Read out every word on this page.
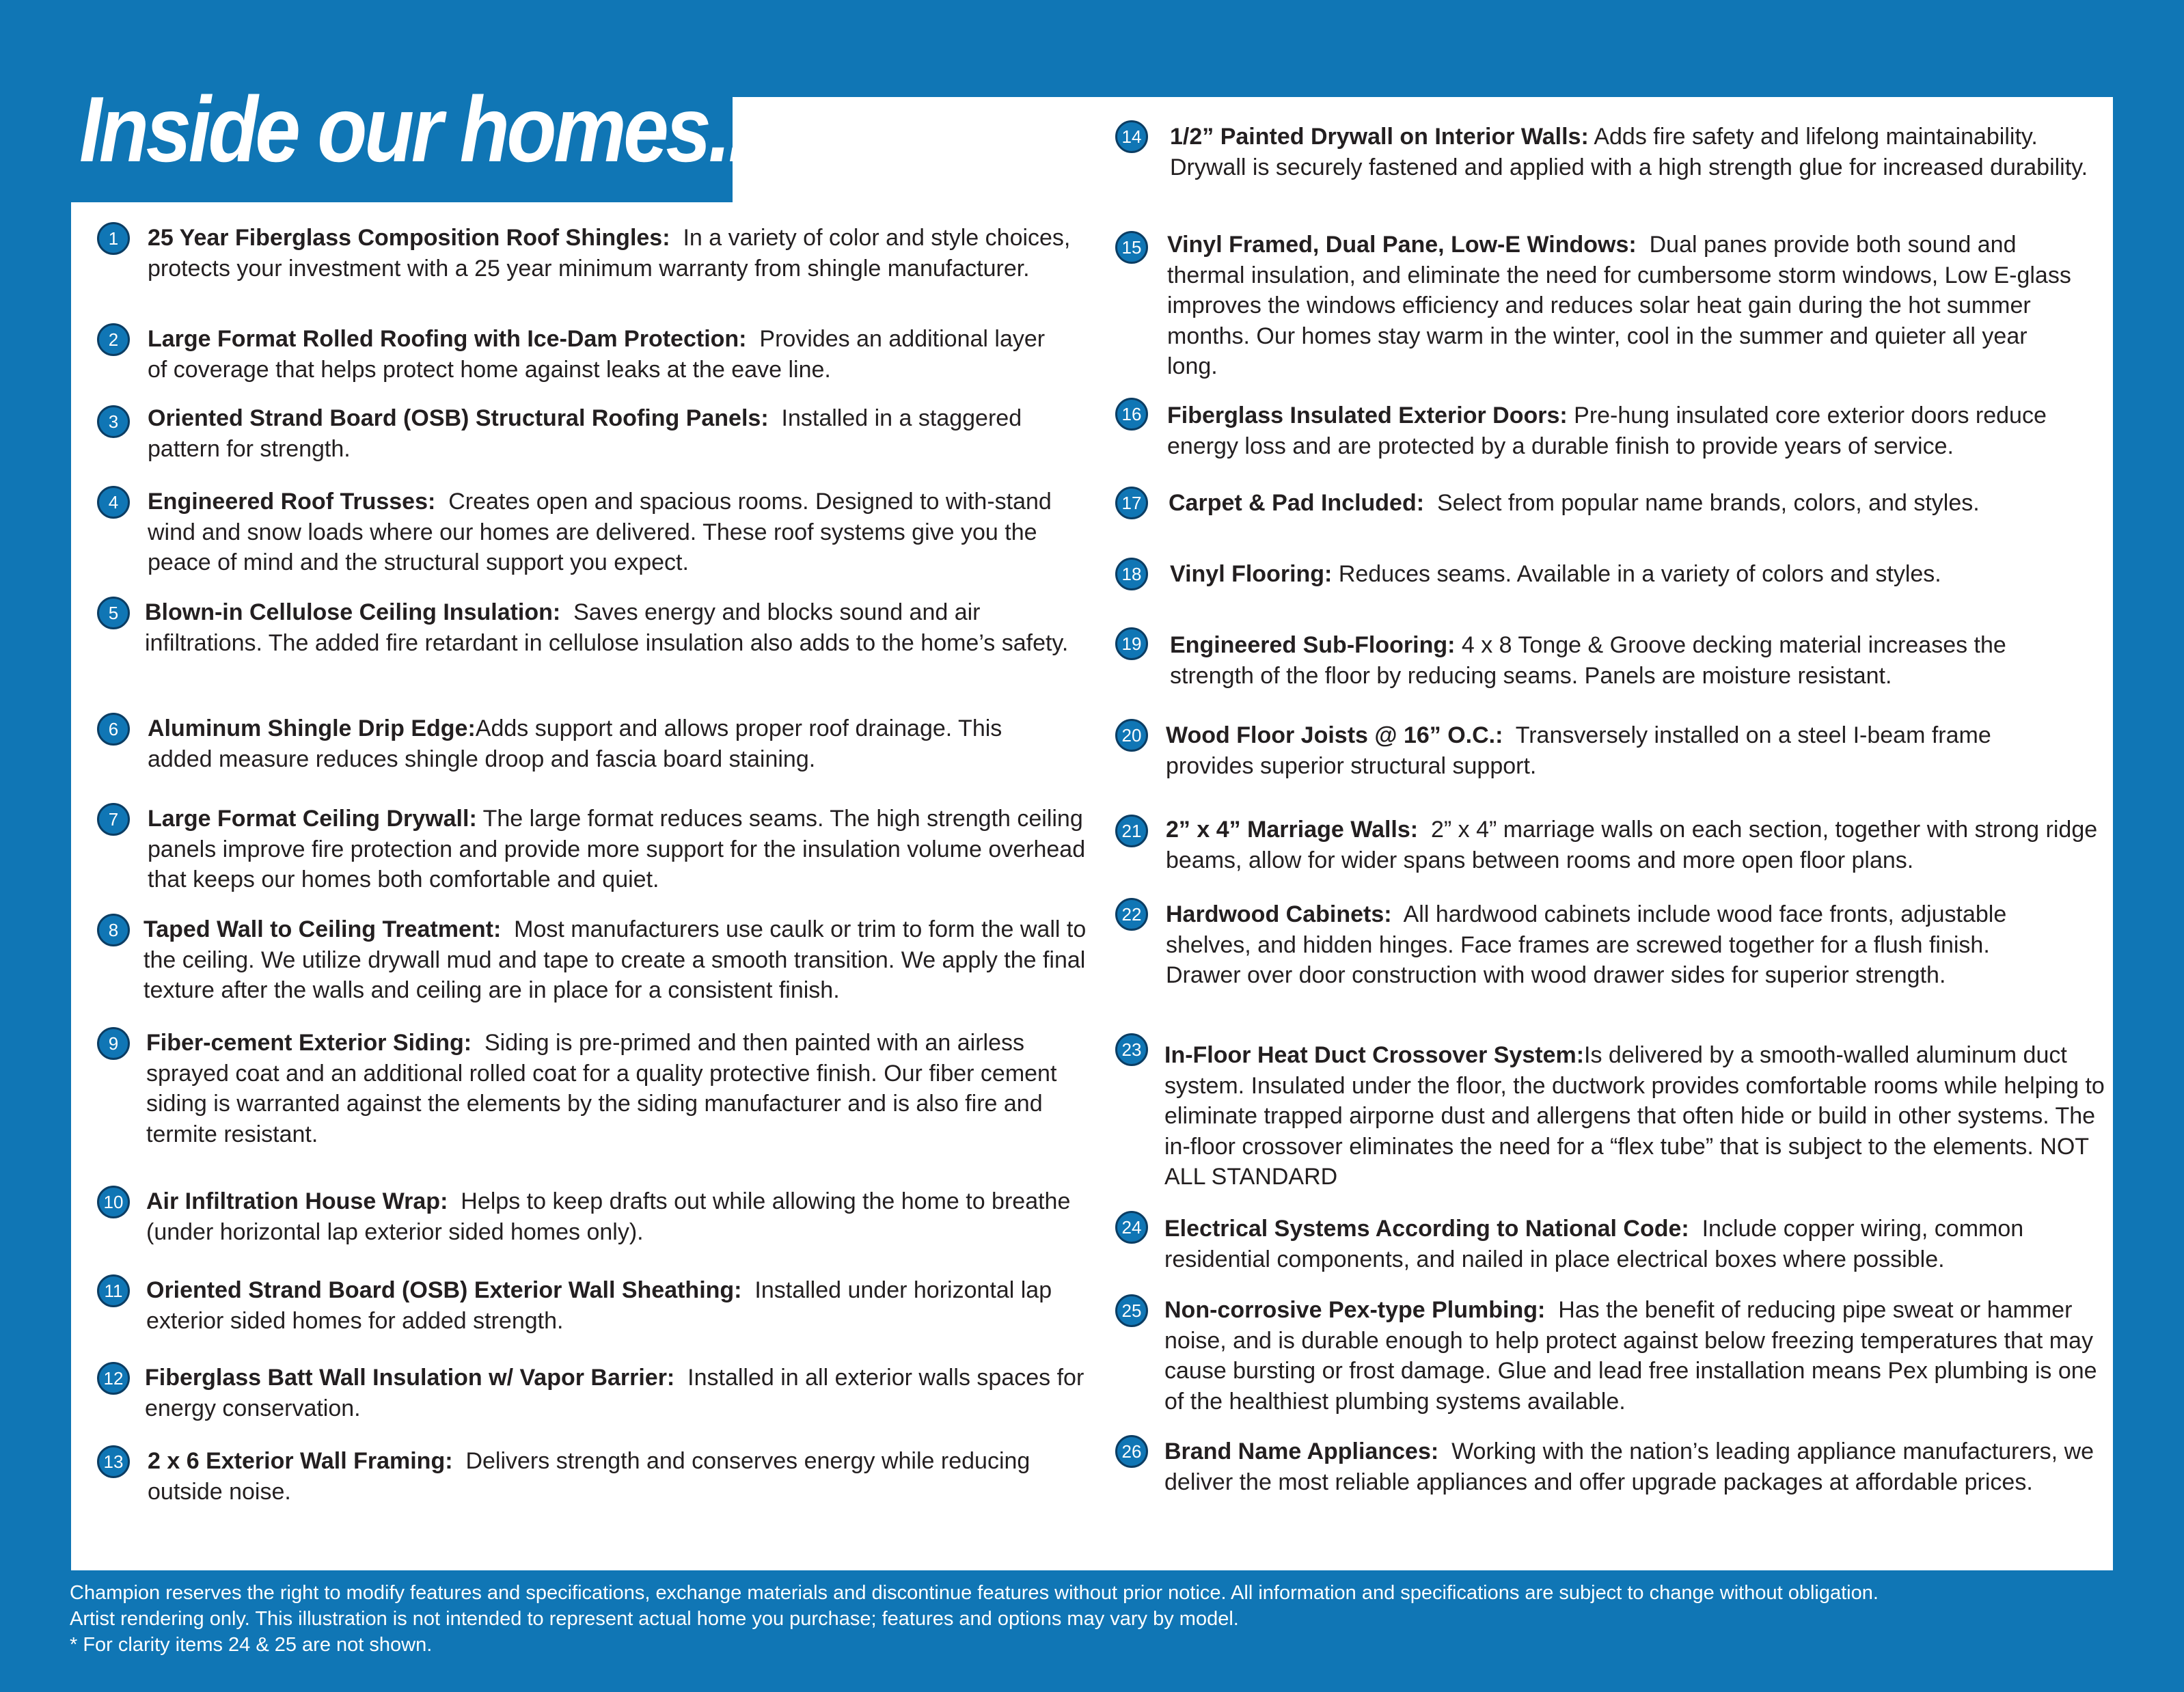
Inside our homes...
1	25 Year Fiberglass Composition Roof Shingles:  In a variety of color and style choices, protects your investment with a 25 year minimum warranty from shingle manufacturer.
2	Large Format Rolled Roofing with Ice-Dam Protection:  Provides an additional layer of coverage that helps protect home against leaks at the eave line.
3	Oriented Strand Board (OSB) Structural Roofing Panels:  Installed in a staggered pattern for strength.
4	Engineered Roof Trusses:  Creates open and spacious rooms. Designed to with-stand wind and snow loads where our homes are delivered. These roof systems give you the peace of mind and the structural support you expect.
5	Blown-in Cellulose Ceiling Insulation:  Saves energy and blocks sound and air infiltrations. The added fire retardant in cellulose insulation also adds to the home’s safety.
6	Aluminum Shingle Drip Edge:Adds support and allows proper roof drainage. This added measure reduces shingle droop and fascia board staining.
7	Large Format Ceiling Drywall: The large format reduces seams. The high strength ceiling panels improve fire protection and provide more support for the insulation volume overhead that keeps our homes both comfortable and quiet.
8	Taped Wall to Ceiling Treatment:  Most manufacturers use caulk or trim to form the wall to the ceiling. We utilize drywall mud and tape to create a smooth transition. We apply the final texture after the walls and ceiling are in place for a consistent finish.
9	Fiber-cement Exterior Siding:  Siding is pre-primed and then painted with an airless sprayed coat and an additional rolled coat for a quality protective finish. Our fiber cement siding is warranted against the elements by the siding manufacturer and is also fire and termite resistant.
10 Air Infiltration House Wrap:  Helps to keep drafts out while allowing the home to breathe (under horizontal lap exterior sided homes only).
11	Oriented Strand Board (OSB) Exterior Wall Sheathing:  Installed under horizontal lap exterior sided homes for added strength.
12 Fiberglass Batt Wall Insulation w/ Vapor Barrier:  Installed in all exterior walls spaces for energy conservation.
13 2 x 6 Exterior Wall Framing:  Delivers strength and conserves energy while reducing outside noise.
14 1/2” Painted Drywall on Interior Walls: Adds fire safety and lifelong maintainability. Drywall is securely fastened and applied with a high strength glue for increased durability.
15 Vinyl Framed, Dual Pane, Low-E Windows:  Dual panes provide both sound and thermal insulation, and eliminate the need for cumbersome storm windows, Low E-glass improves the windows efficiency and reduces solar heat gain during the hot summer months. Our homes stay warm in the winter, cool in the summer and quieter all year long.
16 Fiberglass Insulated Exterior Doors: Pre-hung insulated core exterior doors reduce energy loss and are protected by a durable finish to provide years of service.
17 Carpet & Pad Included:  Select from popular name brands, colors, and styles.
18 Vinyl Flooring: Reduces seams. Available in a variety of colors and styles.
19 Engineered Sub-Flooring: 4 x 8 Tonge & Groove decking material increases the strength of the floor by reducing seams. Panels are moisture resistant.
20 Wood Floor Joists @ 16” O.C.:  Transversely installed on a steel I-beam frame provides superior structural support.
21 2” x 4” Marriage Walls:  2” x 4” marriage walls on each section, together with strong ridge beams, allow for wider spans between rooms and more open floor plans.
22 Hardwood Cabinets:  All hardwood cabinets include wood face fronts, adjustable shelves, and hidden hinges. Face frames are screwed together for a flush finish. Drawer over door construction with wood drawer sides for superior strength.
23 In-Floor Heat Duct Crossover System:Is delivered by a smooth-walled aluminum duct system. Insulated under the floor, the ductwork provides comfortable rooms while helping to eliminate trapped airporne dust and allergens that often hide or build in other systems. The in-floor crossover eliminates the need for a “flex tube” that is subject to the elements. NOT ALL STANDARD
24 Electrical Systems According to National Code:  Include copper wiring, common residential components, and nailed in place electrical boxes where possible.
25 Non-corrosive Pex-type Plumbing:  Has the benefit of reducing pipe sweat or hammer noise, and is durable enough to help protect against below freezing temperatures that may cause bursting or frost damage. Glue and lead free installation means Pex plumbing is one of the healthiest plumbing systems available.
26 Brand Name Appliances:  Working with the nation’s leading appliance manufacturers, we deliver the most reliable appliances and offer upgrade packages at affordable prices.
Champion reserves the right to modify features and specifications, exchange materials and discontinue features without prior notice. All information and specifications are subject to change without obligation.
Artist rendering only. This illustration is not intended to represent actual home you purchase; features and options may vary by model.
* For clarity items 24 & 25 are not shown.
